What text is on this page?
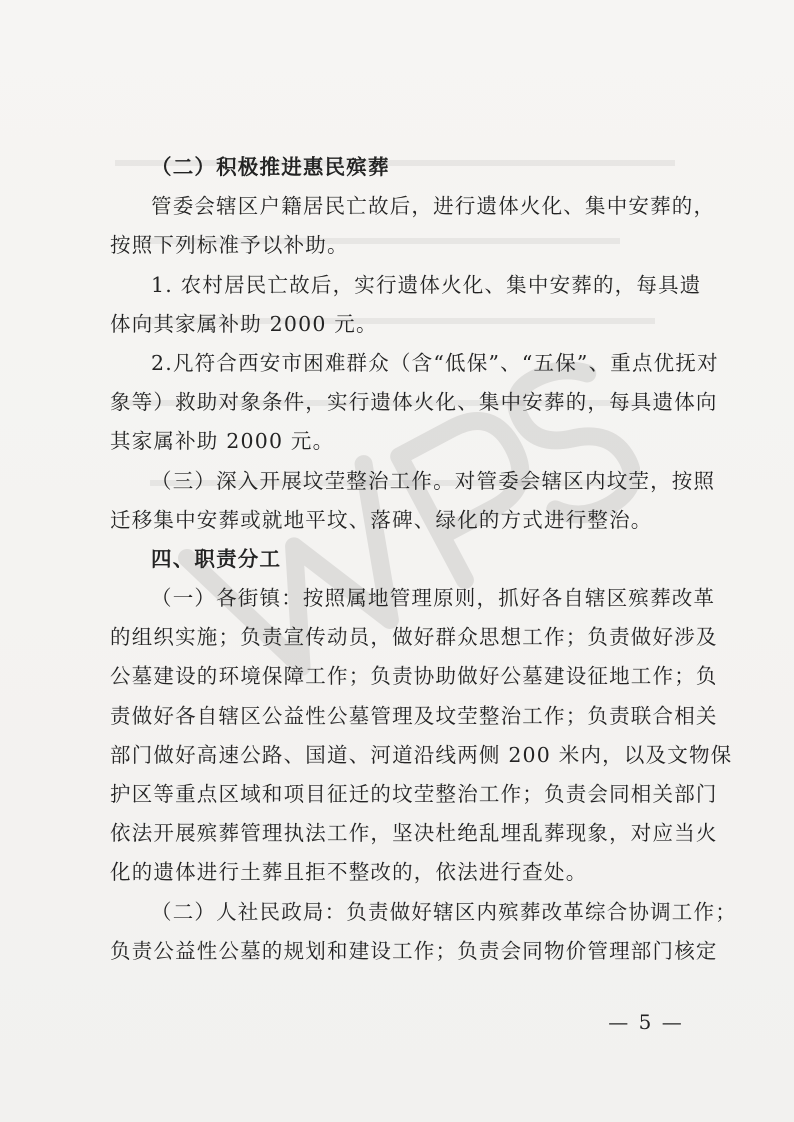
（二）积极推进惠民殡葬
管委会辖区户籍居民亡故后，进行遗体火化、集中安葬的，
按照下列标准予以补助。
1. 农村居民亡故后，实行遗体火化、集中安葬的，每具遗
体向其家属补助 2000 元。
2.凡符合西安市困难群众（含“低保”、“五保”、重点优抚对
象等）救助对象条件，实行遗体火化、集中安葬的，每具遗体向
其家属补助 2000 元。
（三）深入开展坟茔整治工作。对管委会辖区内坟茔，按照
迁移集中安葬或就地平坟、落碑、绿化的方式进行整治。
四、职责分工
（一）各街镇：按照属地管理原则，抓好各自辖区殡葬改革
的组织实施；负责宣传动员，做好群众思想工作；负责做好涉及
公墓建设的环境保障工作；负责协助做好公墓建设征地工作；负
责做好各自辖区公益性公墓管理及坟茔整治工作；负责联合相关
部门做好高速公路、国道、河道沿线两侧 200 米内，以及文物保
护区等重点区域和项目征迁的坟茔整治工作；负责会同相关部门
依法开展殡葬管理执法工作，坚决杜绝乱埋乱葬现象，对应当火
化的遗体进行土葬且拒不整改的，依法进行查处。
（二）人社民政局：负责做好辖区内殡葬改革综合协调工作；
负责公益性公墓的规划和建设工作；负责会同物价管理部门核定
— 5 —
